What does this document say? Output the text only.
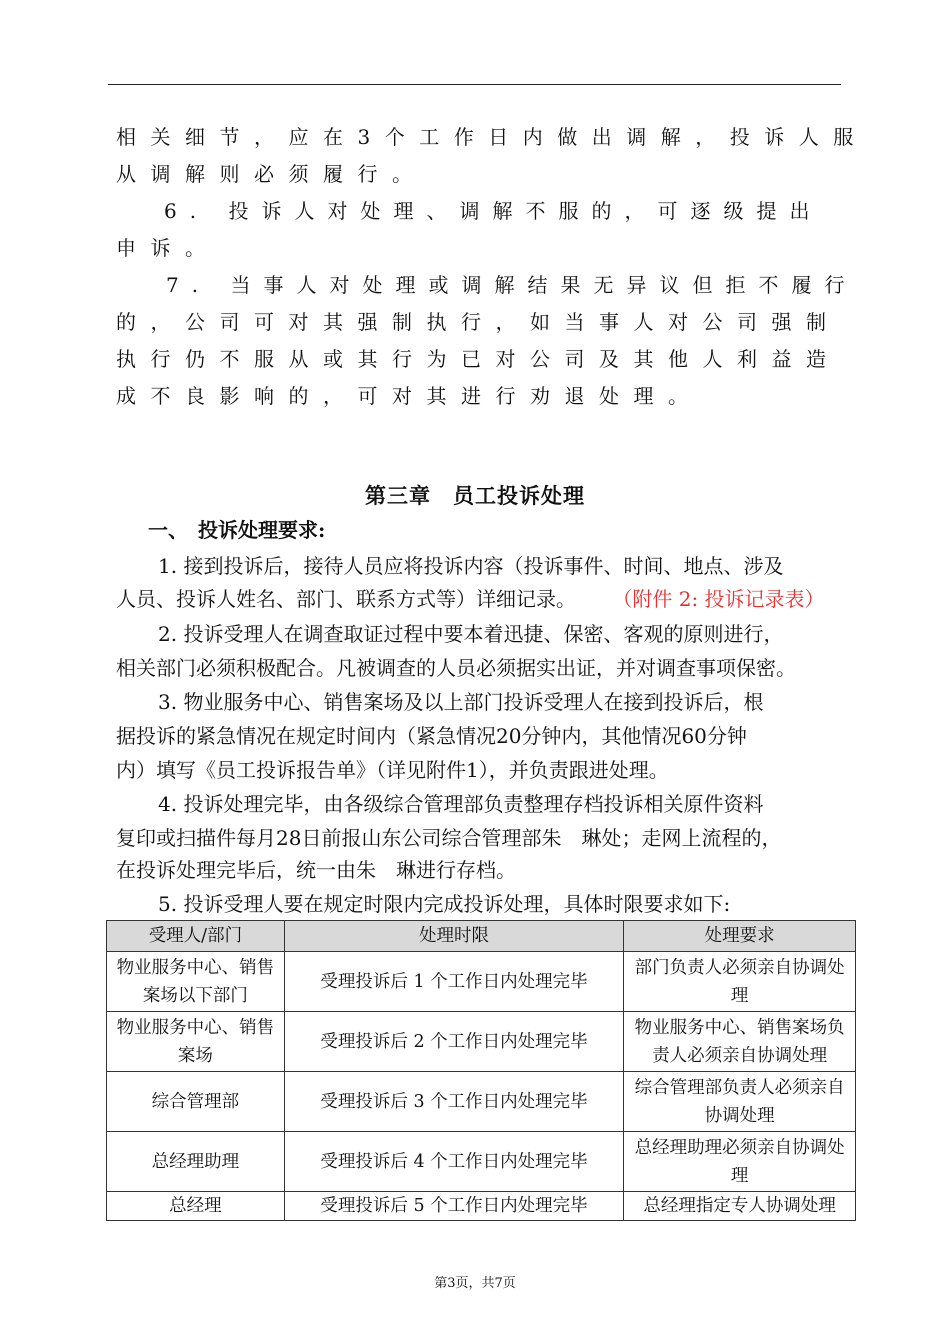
相关细节，应在3个工作日内做出调解，投诉人服
从调解则必须履行。
6. 投诉人对处理、调解不服的，可逐级提出
申诉。
7. 当事人对处理或调解结果无异议但拒不履行
的，公司可对其强制执行，如当事人对公司强制
执行仍不服从或其行为已对公司及其他人利益造
成不良影响的，可对其进行劝退处理。
第三章　员工投诉处理
一、　投诉处理要求:
1. 接到投诉后，接待人员应将投诉内容（投诉事件、时间、地点、涉及
人员、投诉人姓名、部门、联系方式等）详细记录。 （附件 2: 投诉记录表）
2. 投诉受理人在调查取证过程中要本着迅捷、保密、客观的原则进行，
相关部门必须积极配合。凡被调查的人员必须据实出证，并对调查事项保密。
3. 物业服务中心、销售案场及以上部门投诉受理人在接到投诉后，根
据投诉的紧急情况在规定时间内（紧急情况20分钟内，其他情况60分钟
内）填写《员工投诉报告单》（详见附件1），并负责跟进处理。
4. 投诉处理完毕，由各级综合管理部负责整理存档投诉相关原件资料
复印或扫描件每月28日前报山东公司综合管理部朱　琳处；走网上流程的，
在投诉处理完毕后，统一由朱　琳进行存档。
5. 投诉受理人要在规定时限内完成投诉处理，具体时限要求如下:
受理人/部门	处理时限	处理要求
物业服务中心、销售案场以下部门	受理投诉后 1 个工作日内处理完毕	部门负责人必须亲自协调处理
物业服务中心、销售案场	受理投诉后 2 个工作日内处理完毕	物业服务中心、销售案场负责人必须亲自协调处理
综合管理部	受理投诉后 3 个工作日内处理完毕	综合管理部负责人必须亲自协调处理
总经理助理	受理投诉后 4 个工作日内处理完毕	总经理助理必须亲自协调处理
总经理	受理投诉后 5 个工作日内处理完毕	总经理指定专人协调处理
第3页，共7页
